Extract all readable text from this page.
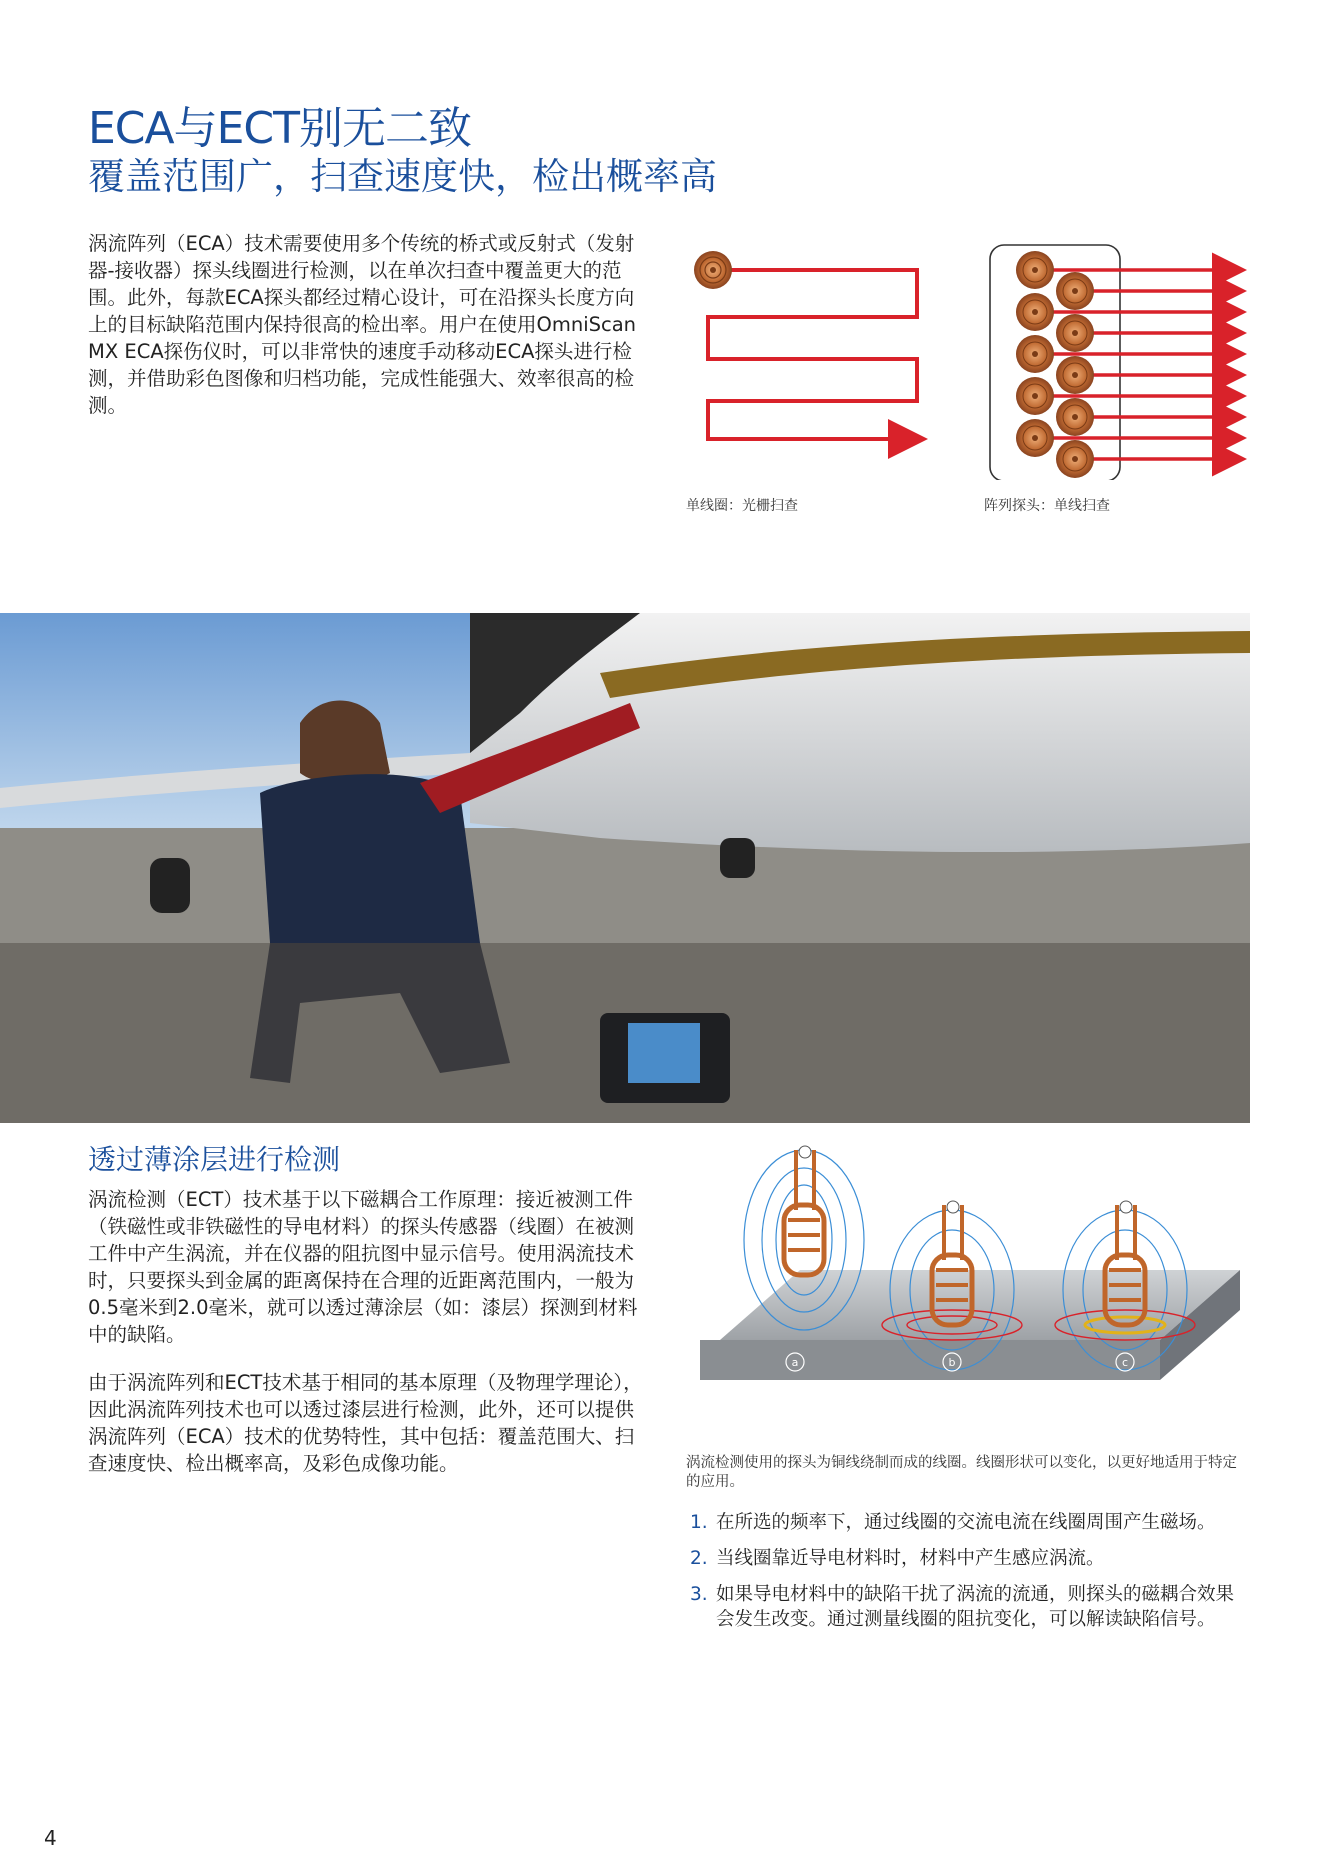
ECA与ECT别无二致
覆盖范围广，扫查速度快，检出概率高

涡流阵列（ECA）技术需要使用多个传统的桥式或反射式（发射器-接收器）探头线圈进行检测，以在单次扫查中覆盖更大的范围。此外，每款ECA探头都经过精心设计，可在沿探头长度方向上的目标缺陷范围内保持很高的检出率。用户在使用OmniScan MX ECA探伤仪时，可以非常快的速度手动移动ECA探头进行检测，并借助彩色图像和归档功能，完成性能强大、效率很高的检测。

单线圈：光栅扫查	阵列探头：单线扫查
透过薄涂层进行检测

涡流检测（ECT）技术基于以下磁耦合工作原理：接近被测工件（铁磁性或非铁磁性的导电材料）的探头传感器（线圈）在被测工件中产生涡流，并在仪器的阻抗图中显示信号。使用涡流技术时，只要探头到金属的距离保持在合理的近距离范围内，一般为0.5毫米到2.0毫米，就可以透过薄涂层（如：漆层）探测到材料中的缺陷。

由于涡流阵列和ECT技术基于相同的基本原理（及物理学理论），因此涡流阵列技术也可以透过漆层进行检测，此外，还可以提供涡流阵列（ECA）技术的优势特性，其中包括：覆盖范围大、扫查速度快、检出概率高，及彩色成像功能。

a	b	c

涡流检测使用的探头为铜线绕制而成的线圈。线圈形状可以变化，以更好地适用于特定的应用。

1. 在所选的频率下，通过线圈的交流电流在线圈周围产生磁场。
2. 当线圈靠近导电材料时，材料中产生感应涡流。
3. 如果导电材料中的缺陷干扰了涡流的流通，则探头的磁耦合效果会发生改变。通过测量线圈的阻抗变化，可以解读缺陷信号。
4
